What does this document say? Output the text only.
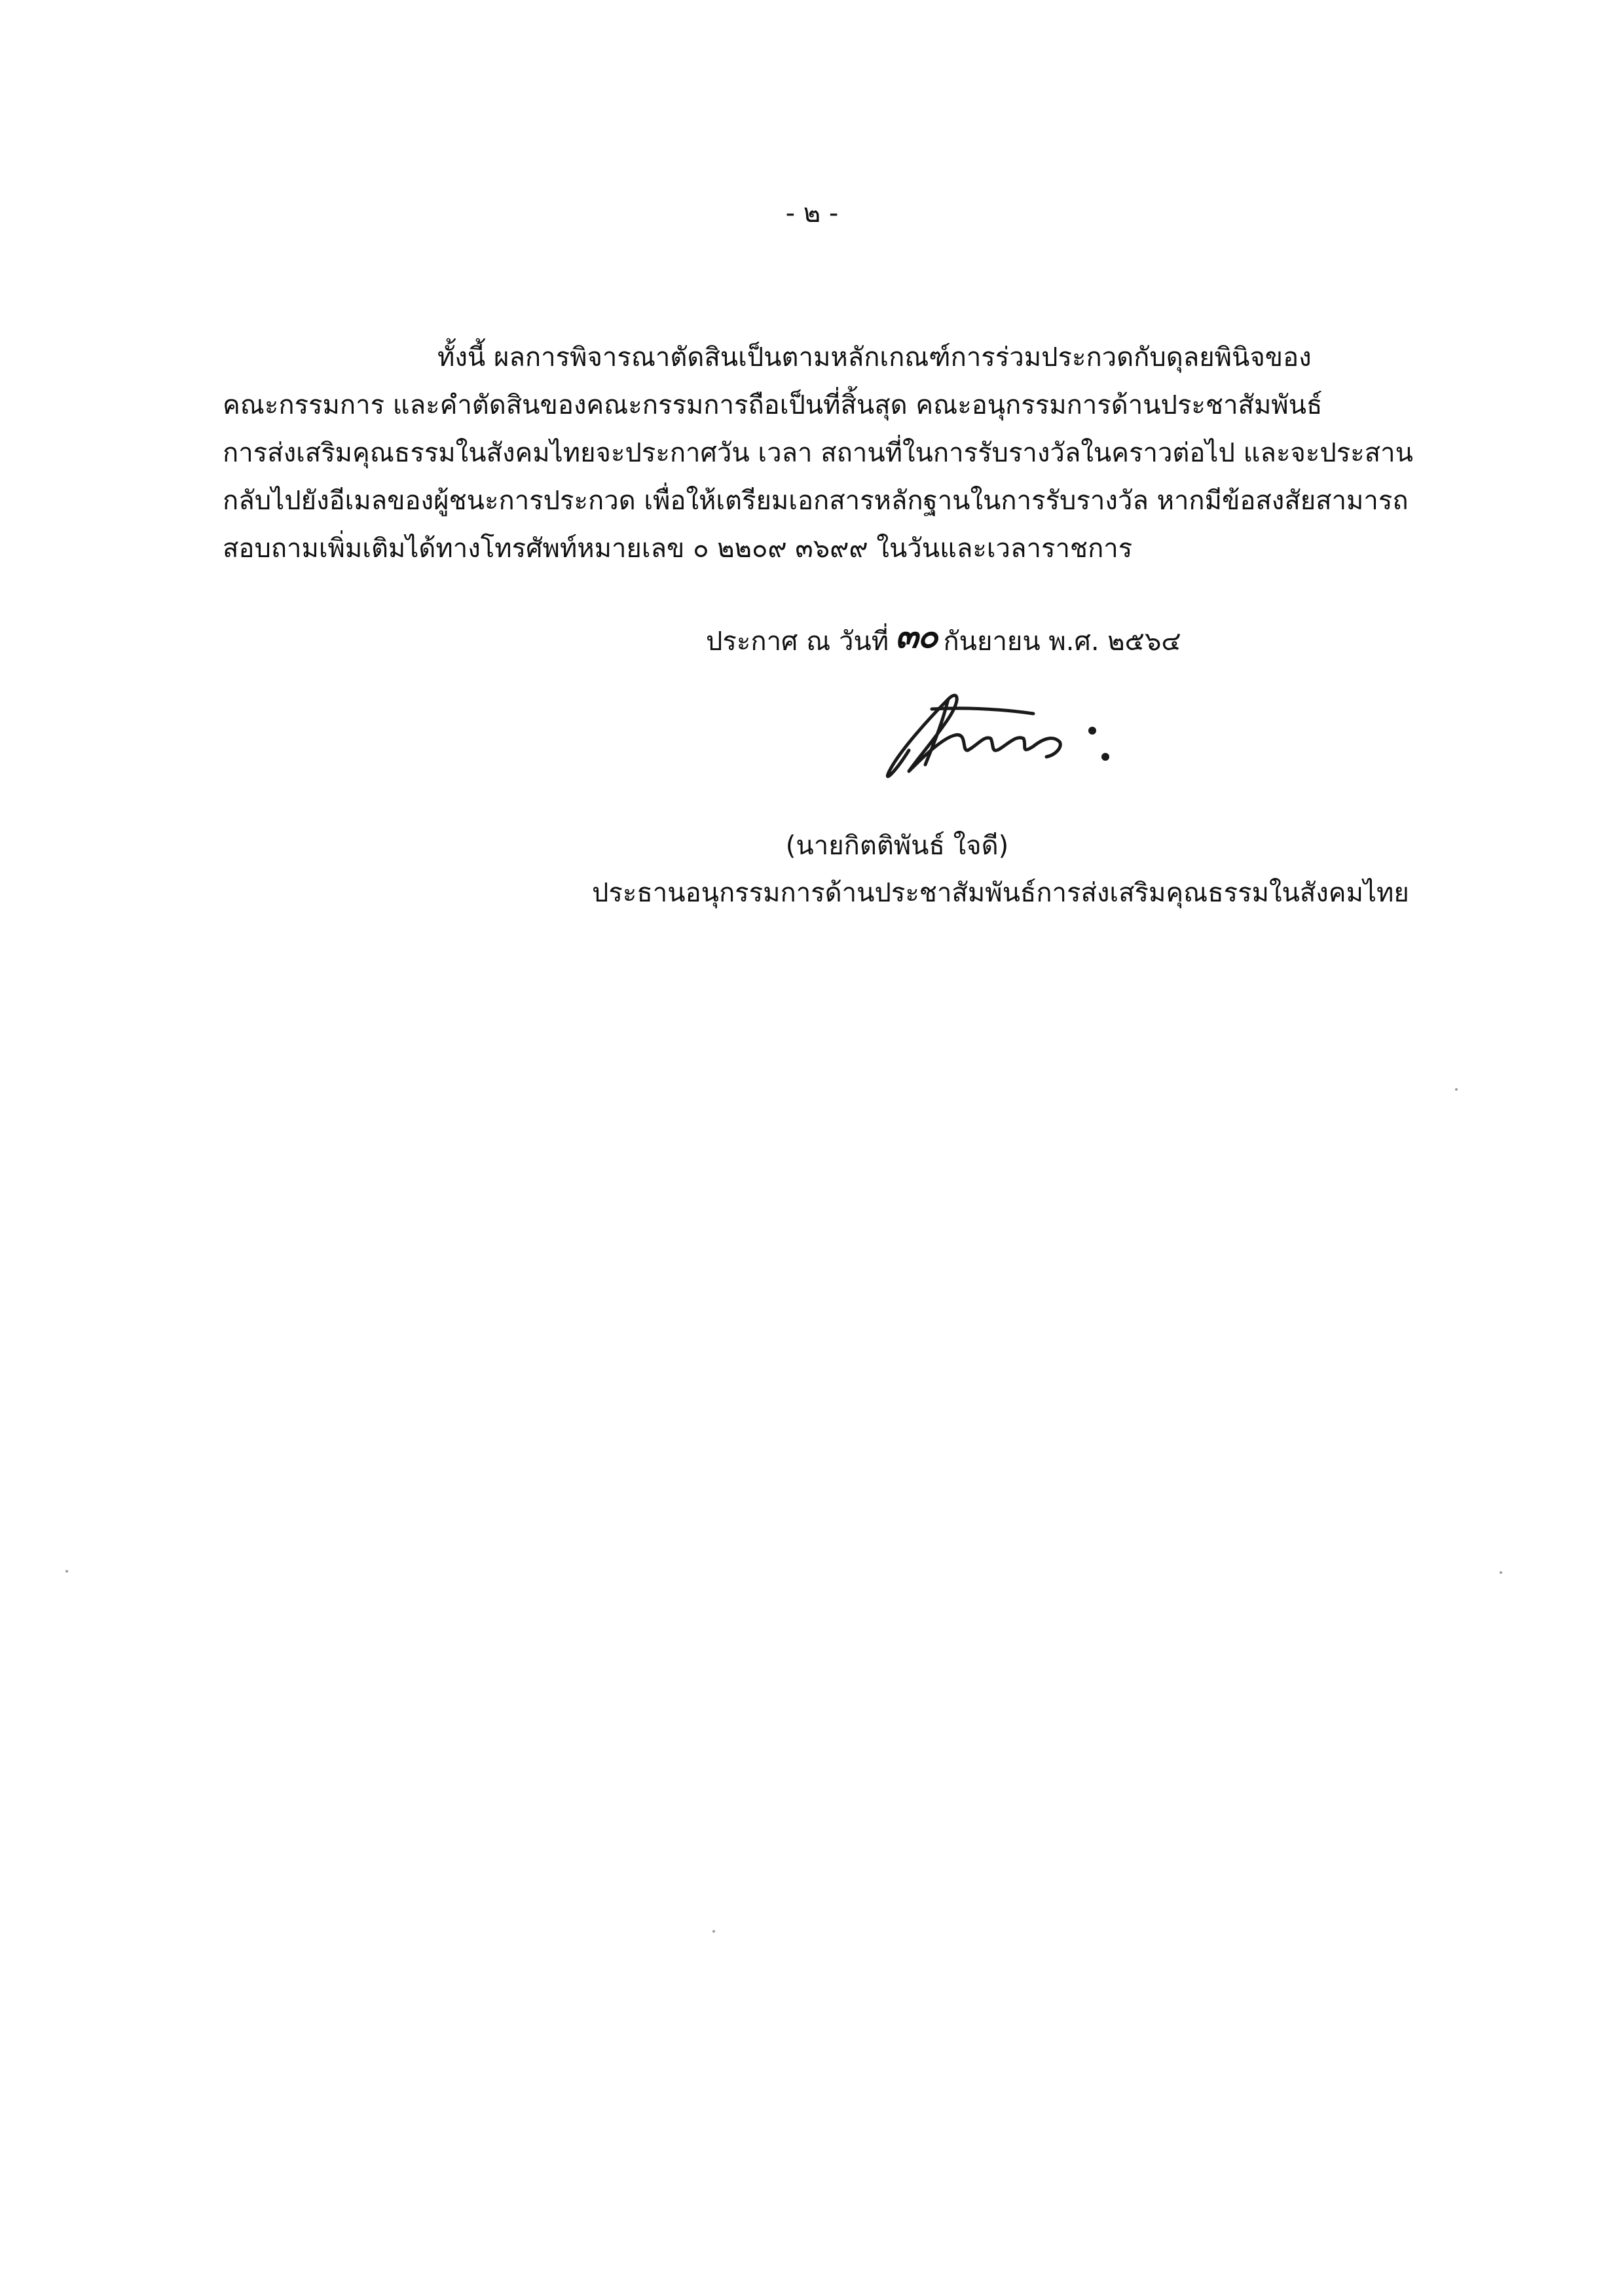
- ๒ -
ทั้งนี้ ผลการพิจารณาตัดสินเป็นตามหลักเกณฑ์การร่วมประกวดกับดุลยพินิจของ
คณะกรรมการ และคำตัดสินของคณะกรรมการถือเป็นที่สิ้นสุด คณะอนุกรรมการด้านประชาสัมพันธ์
การส่งเสริมคุณธรรมในสังคมไทยจะประกาศวัน เวลา สถานที่ในการรับรางวัลในคราวต่อไป และจะประสาน
กลับไปยังอีเมลของผู้ชนะการประกวด เพื่อให้เตรียมเอกสารหลักฐานในการรับรางวัล หากมีข้อสงสัยสามารถ
สอบถามเพิ่มเติมได้ทางโทรศัพท์หมายเลข ๐ ๒๒๐๙ ๓๖๙๙ ในวันและเวลาราชการ
ประกาศ ณ วันที่ ๓๐ กันยายน พ.ศ. ๒๕๖๔
(นายกิตติพันธ์ ใจดี)
ประธานอนุกรรมการด้านประชาสัมพันธ์การส่งเสริมคุณธรรมในสังคมไทย
